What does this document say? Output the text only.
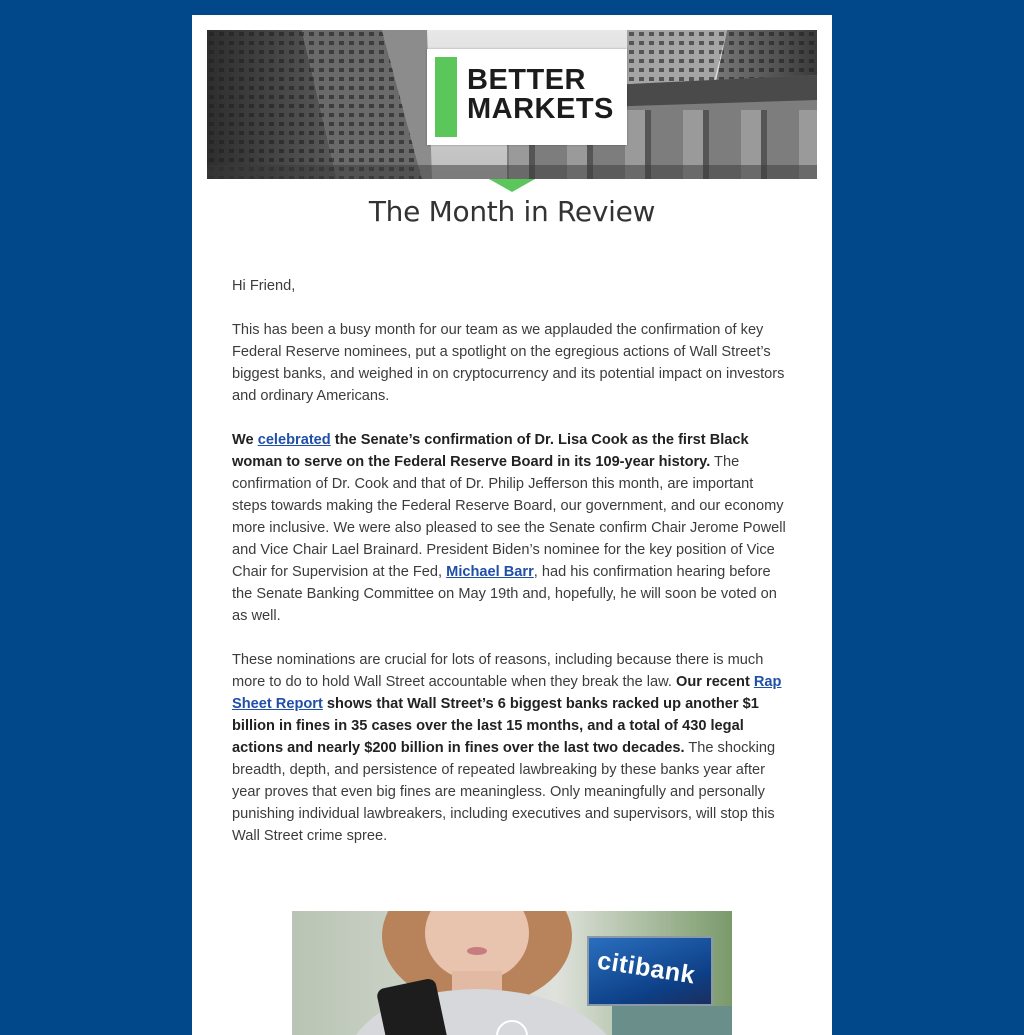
BETTER
MARKETS
The Month in Review

Hi Friend,

This has been a busy month for our team as we applauded the confirmation of key Federal Reserve nominees, put a spotlight on the egregious actions of Wall Street’s biggest banks, and weighed in on cryptocurrency and its potential impact on investors and ordinary Americans.

We celebrated the Senate’s confirmation of Dr. Lisa Cook as the first Black woman to serve on the Federal Reserve Board in its 109-year history. The confirmation of Dr. Cook and that of Dr. Philip Jefferson this month, are important steps towards making the Federal Reserve Board, our government, and our economy more inclusive. We were also pleased to see the Senate confirm Chair Jerome Powell and Vice Chair Lael Brainard. President Biden’s nominee for the key position of Vice Chair for Supervision at the Fed, Michael Barr, had his confirmation hearing before the Senate Banking Committee on May 19th and, hopefully, he will soon be voted on as well.

These nominations are crucial for lots of reasons, including because there is much more to do to hold Wall Street accountable when they break the law. Our recent Rap Sheet Report shows that Wall Street’s 6 biggest banks racked up another $1 billion in fines in 35 cases over the last 15 months, and a total of 430 legal actions and nearly $200 billion in fines over the last two decades. The shocking breadth, depth, and persistence of repeated lawbreaking by these banks year after year proves that even big fines are meaningless. Only meaningfully and personally punishing individual lawbreakers, including executives and supervisors, will stop this Wall Street crime spree.

citibank
